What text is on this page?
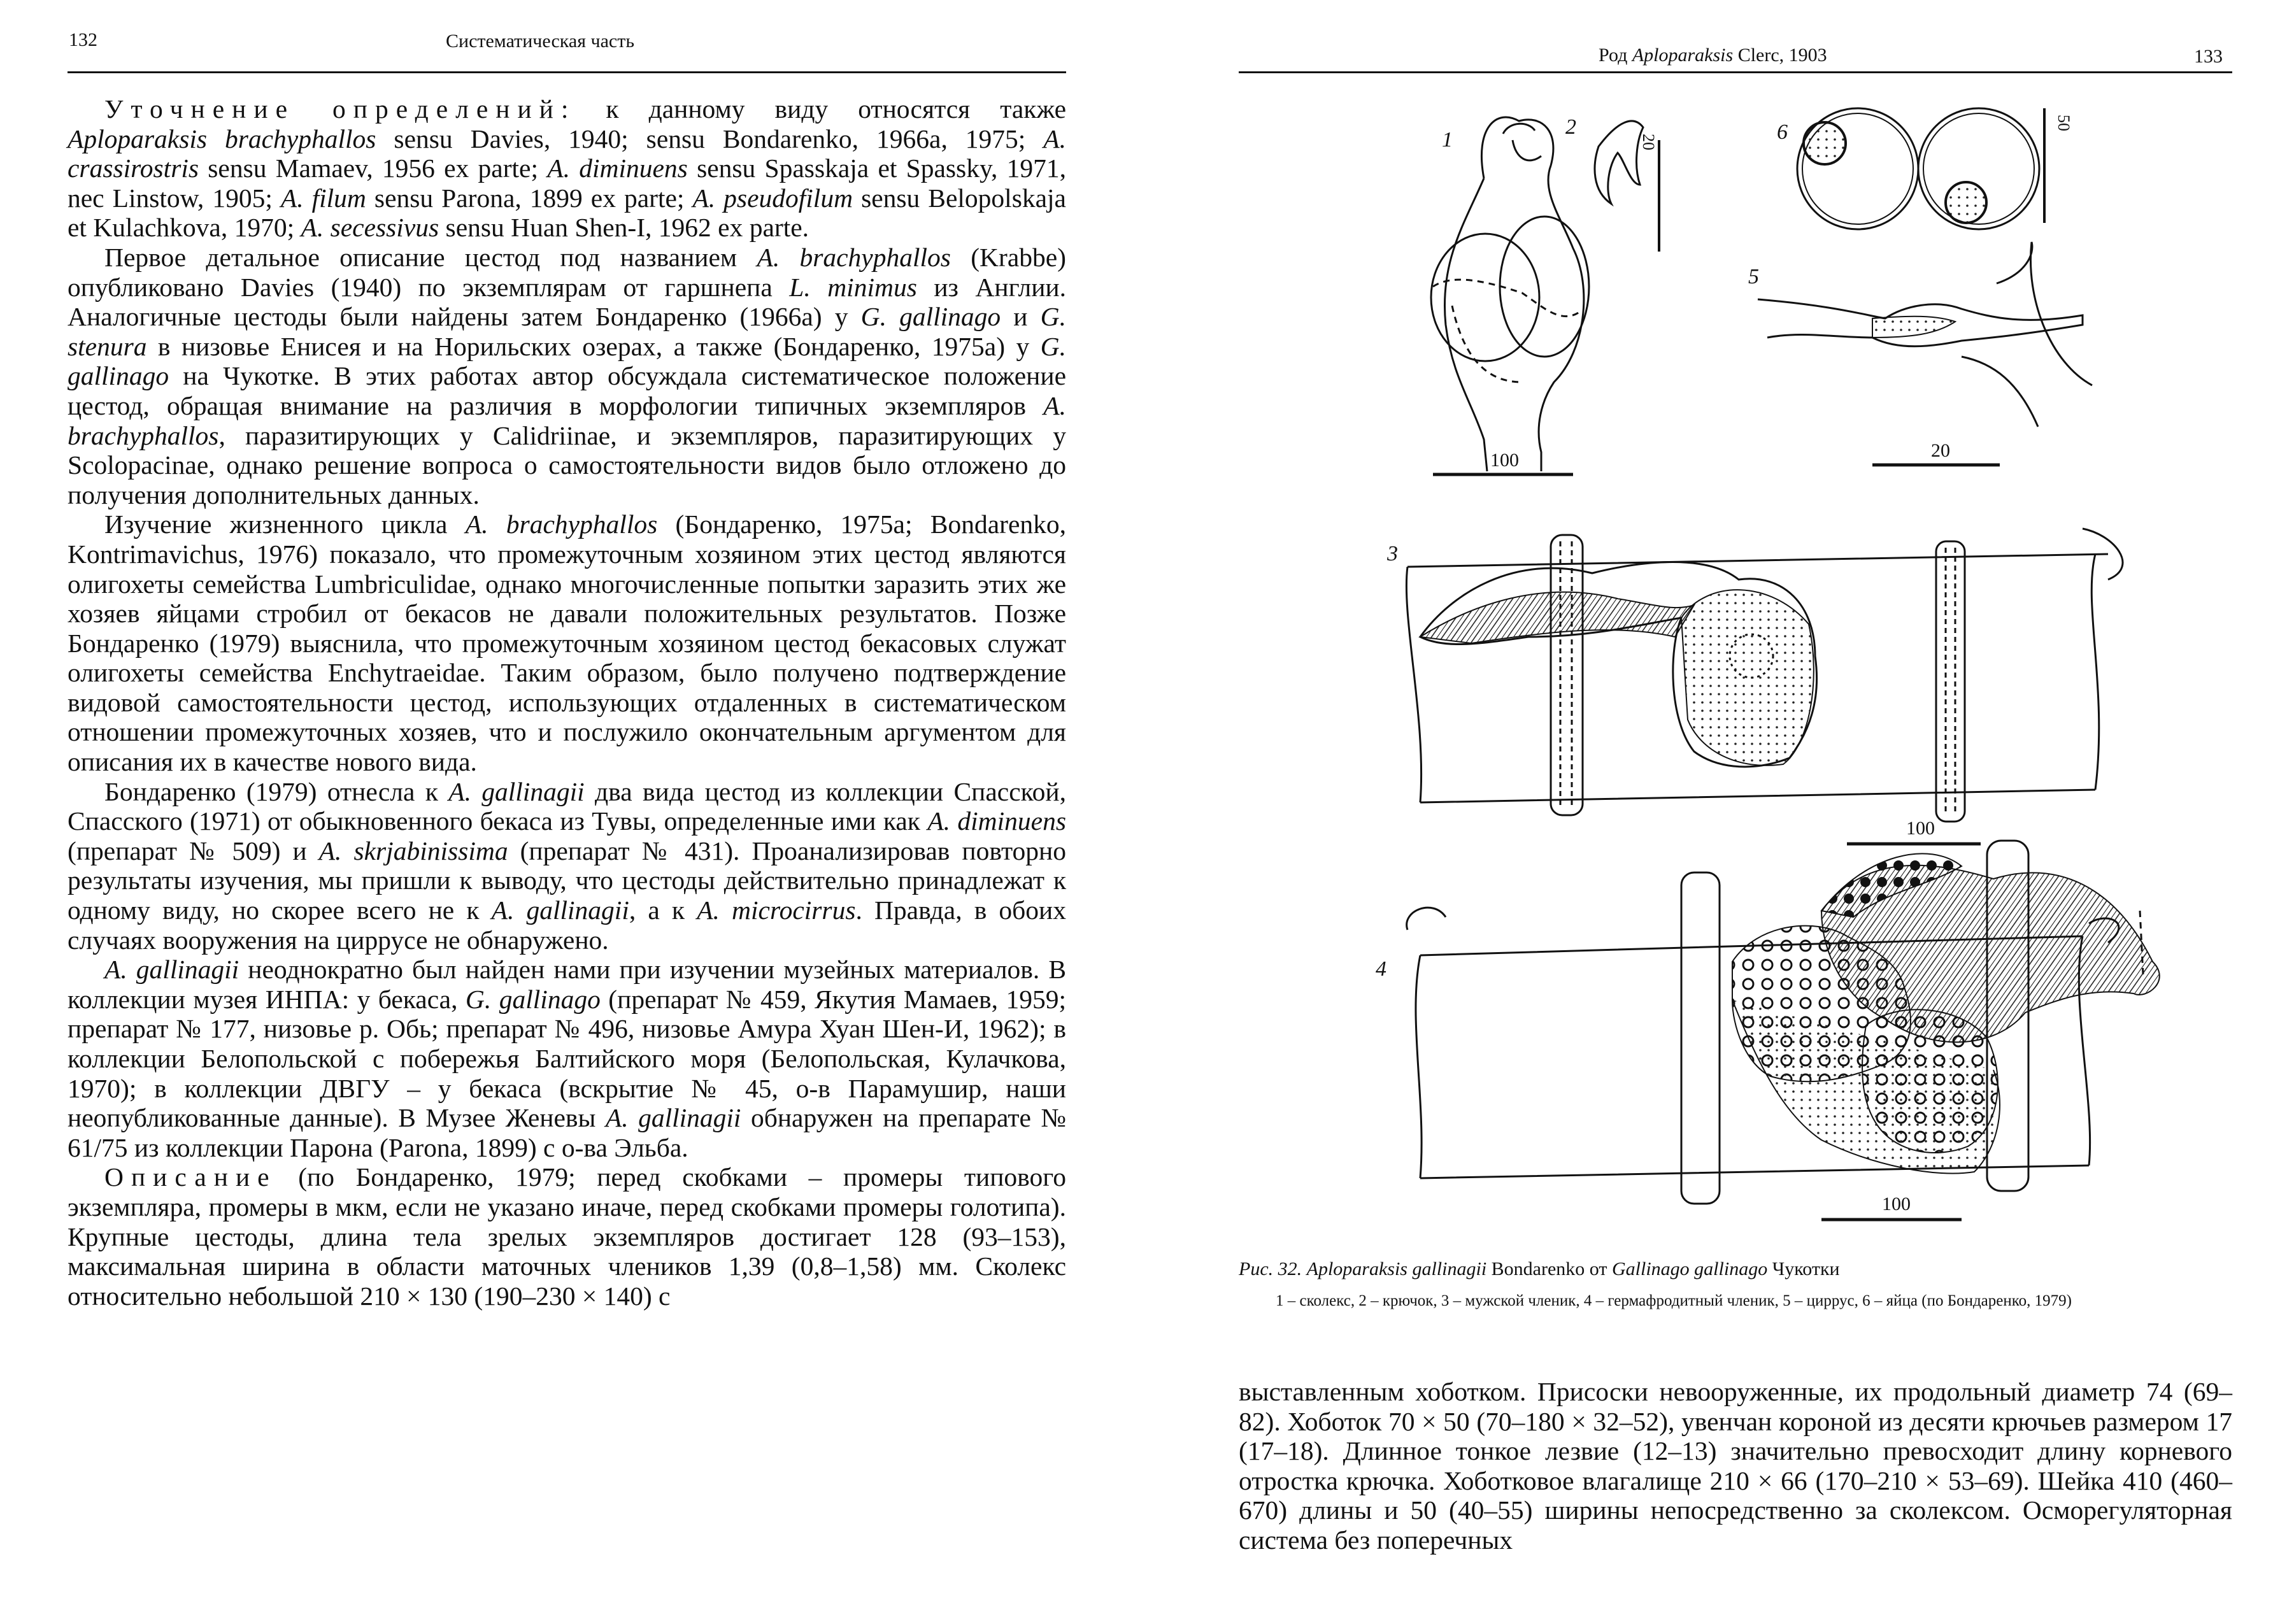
132	Систематическая часть

Уточнение определений: к данному виду относятся также Aploparaksis brachyphallos sensu Davies, 1940; sensu Bondarenko, 1966a, 1975; A. crassirostris sensu Mamaev, 1956 ex parte; A. diminuens sensu Spasskaja et Spassky, 1971, nec Linstow, 1905; A. filum sensu Parona, 1899 ex parte; A. pseudofilum sensu Belopolskaja et Kulachkova, 1970; A. secessivus sensu Huan Shen-I, 1962 ex parte.

Первое детальное описание цестод под названием A. brachyphallos (Krabbe) опубликовано Davies (1940) по экземплярам от гаршнепа L. minimus из Англии. Аналогичные цестоды были найдены затем Бондаренко (1966а) у G. gallinago и G. stenura в низовье Енисея и на Норильских озерах, а также (Бондаренко, 1975а) у G. gallinago на Чукотке. В этих работах автор обсуждала систематическое положение цестод, обращая внимание на различия в морфологии типичных экземпляров A. brachyphallos, паразитирующих у Calidriinae, и экземпляров, паразитирующих у Scolopacinae, однако решение вопроса о самостоятельности видов было отложено до получения дополнительных данных.

Изучение жизненного цикла A. brachyphallos (Бондаренко, 1975а; Bondarenko, Kontrimavichus, 1976) показало, что промежуточным хозяином этих цестод являются олигохеты семейства Lumbriculidae, однако многочисленные попытки заразить этих же хозяев яйцами стробил от бекасов не давали положительных результатов. Позже Бондаренко (1979) выяснила, что промежуточным хозяином цестод бекасовых служат олигохеты семейства Enchytraeidae. Таким образом, было получено подтверждение видовой самостоятельности цестод, использующих отдаленных в систематическом отношении промежуточных хозяев, что и послужило окончательным аргументом для описания их в качестве нового вида.

Бондаренко (1979) отнесла к A. gallinagii два вида цестод из коллекции Спасской, Спасского (1971) от обыкновенного бекаса из Тувы, определенные ими как A. diminuens (препарат № 509) и A. skrjabinissima (препарат № 431). Проанализировав повторно результаты изучения, мы пришли к выводу, что цестоды действительно принадлежат к одному виду, но скорее всего не к A. gallinagii, а к A. microcirrus. Правда, в обоих случаях вооружения на циррусе не обнаружено.

A. gallinagii неоднократно был найден нами при изучении музейных материалов. В коллекции музея ИНПА: у бекаса, G. gallinago (препарат № 459, Якутия Мамаев, 1959; препарат № 177, низовье р. Обь; препарат № 496, низовье Амура Хуан Шен-И, 1962); в коллекции Белопольской с побережья Балтийского моря (Белопольская, Кулачкова, 1970); в коллекции ДВГУ – у бекаса (вскрытие № 45, о-в Парамушир, наши неопубликованные данные). В Музее Женевы A. gallinagii обнаружен на препарате № 61/75 из коллекции Парона (Parona, 1899) с о-ва Эльба.

Описание (по Бондаренко, 1979; перед скобками – промеры типового экземпляра, промеры в мкм, если не указано иначе, перед скобками промеры голотипа). Крупные цестоды, длина тела зрелых экземпляров достигает 128 (93–153), максимальная ширина в области маточных члеников 1,39 (0,8–1,58) мм. Сколекс относительно небольшой 210 × 130 (190–230 × 140) с

Род Aploparaksis Clerc, 1903	133
1
100
2
20	6	50
5
20
3
100
4
100
Рис. 32. Aploparaksis gallinagii Bondarenko от Gallinago gallinago Чукотки
1 – сколекс, 2 – крючок, 3 – мужской членик, 4 – гермафродитный членик, 5 – циррус, 6 – яйца (по Бондаренко, 1979)

выставленным хоботком. Присоски невооруженные, их продольный диаметр 74 (69–82). Хоботок 70 × 50 (70–180 × 32–52), увенчан короной из десяти крючьев размером 17 (17–18). Длинное тонкое лезвие (12–13) значительно превосходит длину корневого отростка крючка. Хоботковое влагалище 210 × 66 (170–210 × 53–69). Шейка 410 (460–670) длины и 50 (40–55) ширины непосредственно за сколексом. Осморегуляторная система без поперечных
